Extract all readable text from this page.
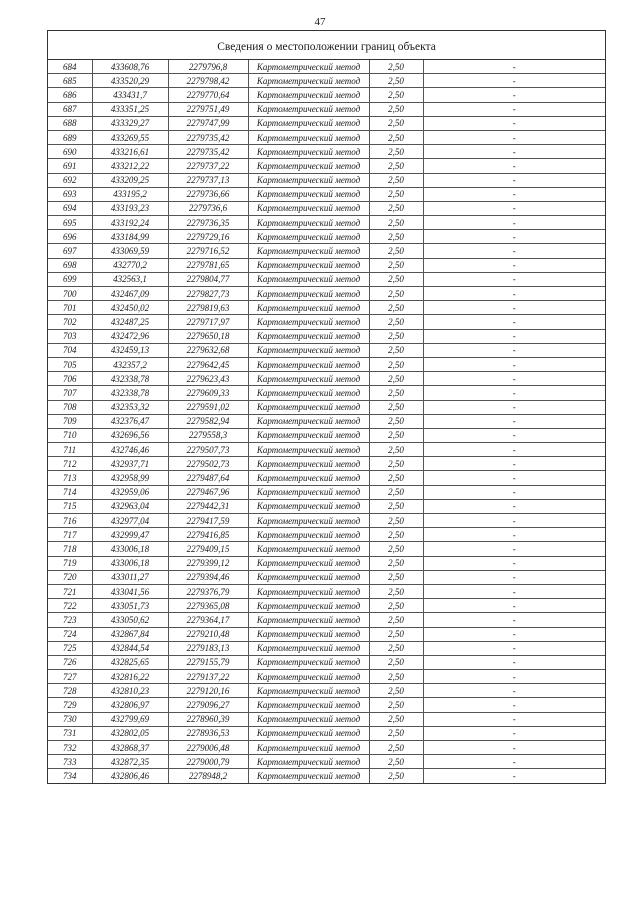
47
Сведения о местоположении границ объекта
684	433608,76	2279796,8	Картометрический метод	2,50	-
685	433520,29	2279798,42	Картометрический метод	2,50	-
686	433431,7	2279770,64	Картометрический метод	2,50	-
687	433351,25	2279751,49	Картометрический метод	2,50	-
688	433329,27	2279747,99	Картометрический метод	2,50	-
689	433269,55	2279735,42	Картометрический метод	2,50	-
690	433216,61	2279735,42	Картометрический метод	2,50	-
691	433212,22	2279737,22	Картометрический метод	2,50	-
692	433209,25	2279737,13	Картометрический метод	2,50	-
693	433195,2	2279736,66	Картометрический метод	2,50	-
694	433193,23	2279736,6	Картометрический метод	2,50	-
695	433192,24	2279736,35	Картометрический метод	2,50	-
696	433184,99	2279729,16	Картометрический метод	2,50	-
697	433069,59	2279716,52	Картометрический метод	2,50	-
698	432770,2	2279781,65	Картометрический метод	2,50	-
699	432563,1	2279804,77	Картометрический метод	2,50	-
700	432467,09	2279827,73	Картометрический метод	2,50	-
701	432450,02	2279819,63	Картометрический метод	2,50	-
702	432487,25	2279717,97	Картометрический метод	2,50	-
703	432472,96	2279650,18	Картометрический метод	2,50	-
704	432459,13	2279632,68	Картометрический метод	2,50	-
705	432357,2	2279642,45	Картометрический метод	2,50	-
706	432338,78	2279623,43	Картометрический метод	2,50	-
707	432338,78	2279609,33	Картометрический метод	2,50	-
708	432353,32	2279591,02	Картометрический метод	2,50	-
709	432376,47	2279582,94	Картометрический метод	2,50	-
710	432696,56	2279558,3	Картометрический метод	2,50	-
711	432746,46	2279507,73	Картометрический метод	2,50	-
712	432937,71	2279502,73	Картометрический метод	2,50	-
713	432958,99	2279487,64	Картометрический метод	2,50	-
714	432959,06	2279467,96	Картометрический метод	2,50	-
715	432963,04	2279442,31	Картометрический метод	2,50	-
716	432977,04	2279417,59	Картометрический метод	2,50	-
717	432999,47	2279416,85	Картометрический метод	2,50	-
718	433006,18	2279409,15	Картометрический метод	2,50	-
719	433006,18	2279399,12	Картометрический метод	2,50	-
720	433011,27	2279394,46	Картометрический метод	2,50	-
721	433041,56	2279376,79	Картометрический метод	2,50	-
722	433051,73	2279365,08	Картометрический метод	2,50	-
723	433050,62	2279364,17	Картометрический метод	2,50	-
724	432867,84	2279210,48	Картометрический метод	2,50	-
725	432844,54	2279183,13	Картометрический метод	2,50	-
726	432825,65	2279155,79	Картометрический метод	2,50	-
727	432816,22	2279137,22	Картометрический метод	2,50	-
728	432810,23	2279120,16	Картометрический метод	2,50	-
729	432806,97	2279096,27	Картометрический метод	2,50	-
730	432799,69	2278960,39	Картометрический метод	2,50	-
731	432802,05	2278936,53	Картометрический метод	2,50	-
732	432868,37	2279006,48	Картометрический метод	2,50	-
733	432872,35	2279000,79	Картометрический метод	2,50	-
734	432806,46	2278948,2	Картометрический метод	2,50	-
